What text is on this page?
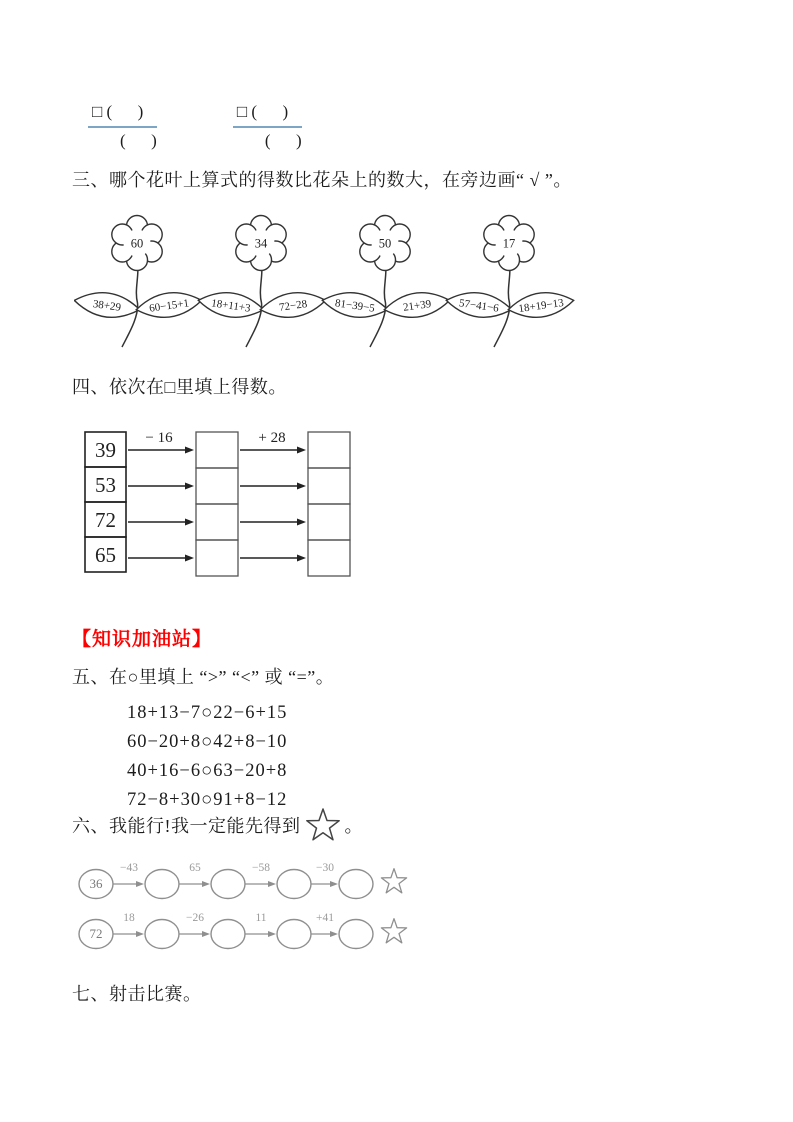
$\frac{□ ( )}{( )}$	$\frac{□ ( )}{( )}$
三、哪个花叶上算式的得数比花朵上的数大，在旁边画“ √ ”。
38+29 60−15+1 18+11+3 72−28 81−39−5 21+39 57−41−6 18+19−13
60	34	50	17
四、依次在□里填上得数。
39
53
72
65
− 16	+ 28
【知识加油站】
五、在○里填上 “>” “<” 或 “=”。
18+13−7○22−6+15
60−20+8○42+8−10
40+16−6○63−20+8
72−8+30○91+8−12
六、我能行!我一定能先得到 。
36
−43	65	−58	−30
72
18	−26	11	+41
七、射击比赛。
